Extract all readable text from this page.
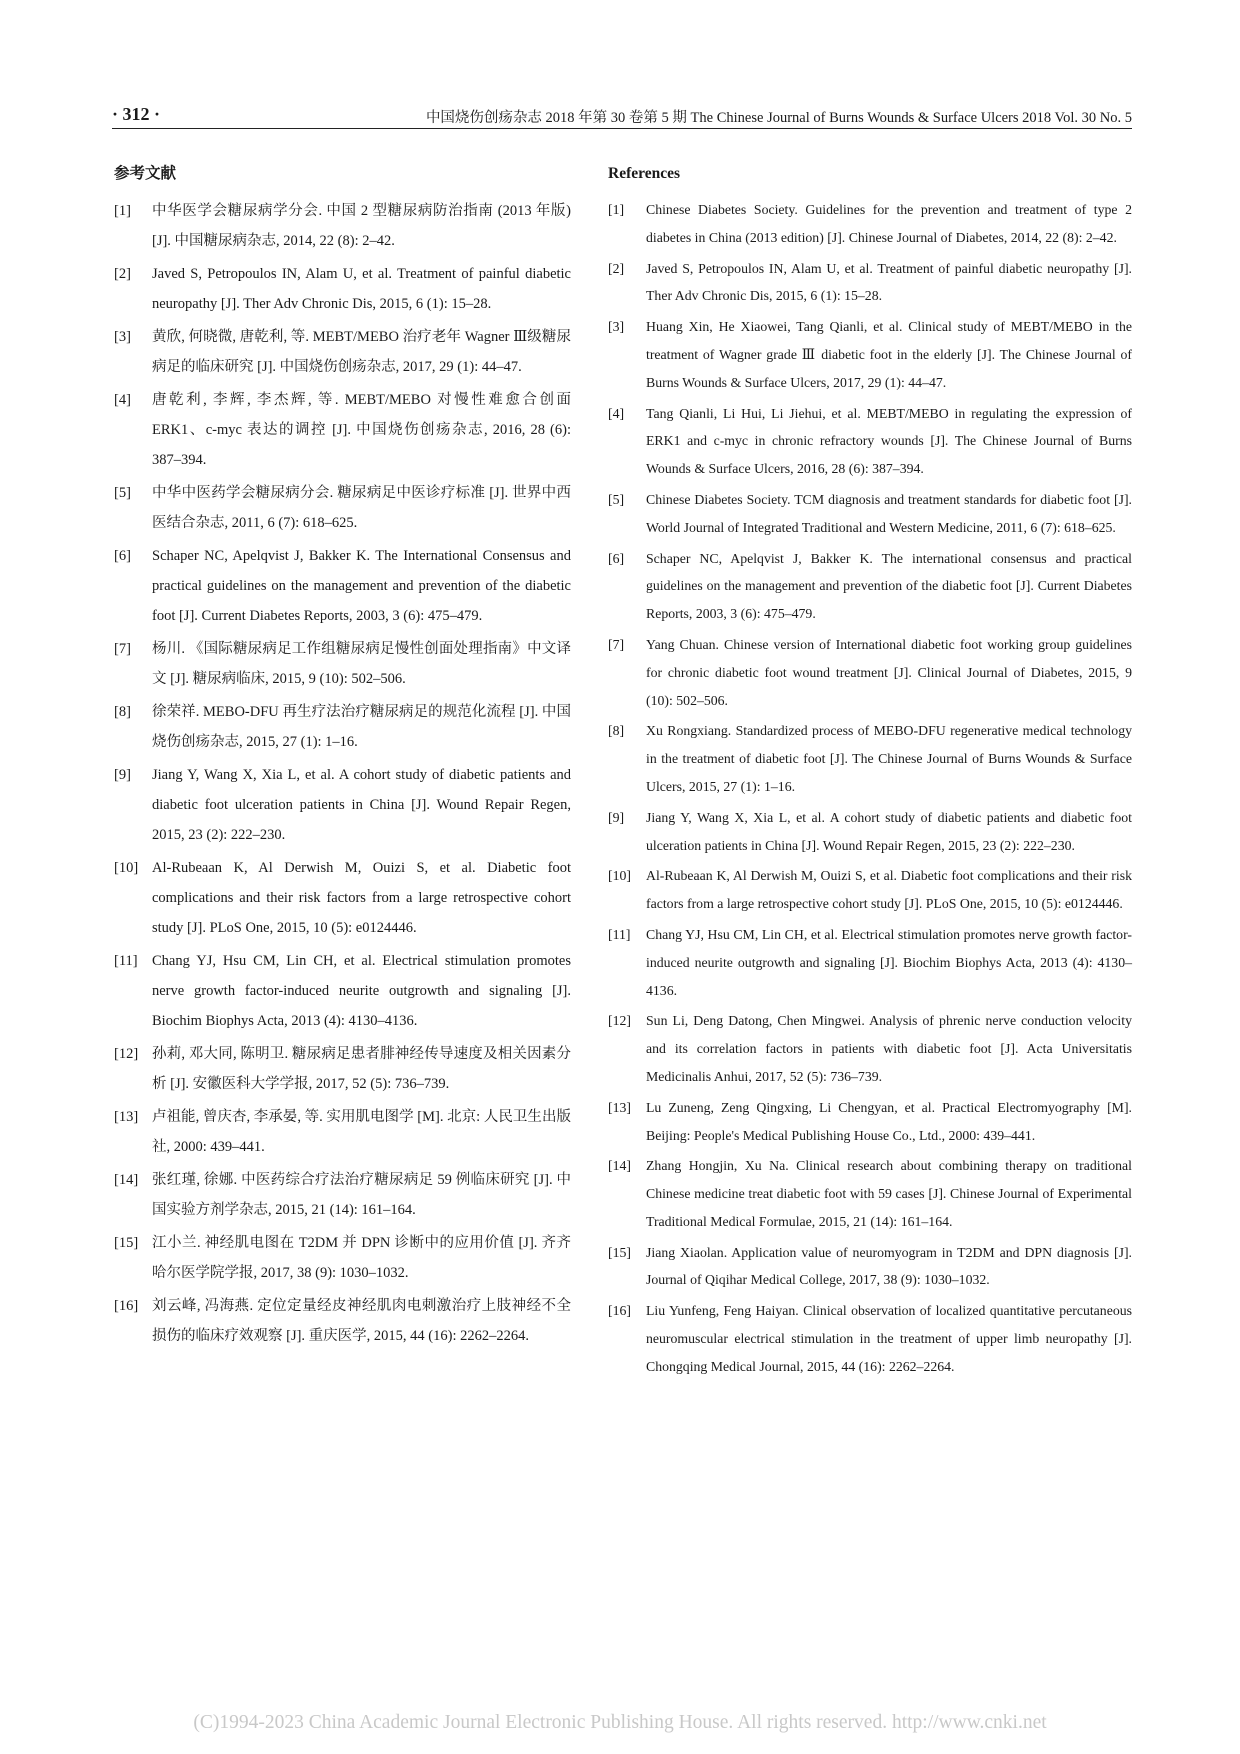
· 312 ·	中国烧伤创疡杂志 2018 年第 30 卷第 5 期 The Chinese Journal of Burns Wounds & Surface Ulcers 2018 Vol. 30 No. 5
参考文献

[1] 中华医学会糖尿病学分会. 中国 2 型糖尿病防治指南 (2013 年版) [J]. 中国糖尿病杂志, 2014, 22 (8): 2–42.

[2] Javed S, Petropoulos IN, Alam U, et al. Treatment of painful diabetic neuropathy [J]. Ther Adv Chronic Dis, 2015, 6 (1): 15–28.

[3] 黄欣, 何晓微, 唐乾利, 等. MEBT/MEBO 治疗老年 Wagner Ⅲ级糖尿病足的临床研究 [J]. 中国烧伤创疡杂志, 2017, 29 (1): 44–47.

[4] 唐乾利, 李辉, 李杰辉, 等. MEBT/MEBO 对慢性难愈合创面 ERK1、c-myc 表达的调控 [J]. 中国烧伤创疡杂志, 2016, 28 (6): 387–394.

[5] 中华中医药学会糖尿病分会. 糖尿病足中医诊疗标准 [J]. 世界中西医结合杂志, 2011, 6 (7): 618–625.

[6] Schaper NC, Apelqvist J, Bakker K. The International Consensus and practical guidelines on the management and prevention of the diabetic foot [J]. Current Diabetes Reports, 2003, 3 (6): 475–479.

[7] 杨川. 《国际糖尿病足工作组糖尿病足慢性创面处理指南》中文译文 [J]. 糖尿病临床, 2015, 9 (10): 502–506.

[8] 徐荣祥. MEBO-DFU 再生疗法治疗糖尿病足的规范化流程 [J]. 中国烧伤创疡杂志, 2015, 27 (1): 1–16.

[9] Jiang Y, Wang X, Xia L, et al. A cohort study of diabetic patients and diabetic foot ulceration patients in China [J]. Wound Repair Regen, 2015, 23 (2): 222–230.

[10] Al-Rubeaan K, Al Derwish M, Ouizi S, et al. Diabetic foot complications and their risk factors from a large retrospective cohort study [J]. PLoS One, 2015, 10 (5): e0124446.

[11] Chang YJ, Hsu CM, Lin CH, et al. Electrical stimulation promotes nerve growth factor-induced neurite outgrowth and signaling [J]. Biochim Biophys Acta, 2013 (4): 4130–4136.

[12] 孙莉, 邓大同, 陈明卫. 糖尿病足患者腓神经传导速度及相关因素分析 [J]. 安徽医科大学学报, 2017, 52 (5): 736–739.

[13] 卢祖能, 曾庆杏, 李承晏, 等. 实用肌电图学 [M]. 北京: 人民卫生出版社, 2000: 439–441.

[14] 张红瑾, 徐娜. 中医药综合疗法治疗糖尿病足 59 例临床研究 [J]. 中国实验方剂学杂志, 2015, 21 (14): 161–164.

[15] 江小兰. 神经肌电图在 T2DM 并 DPN 诊断中的应用价值 [J]. 齐齐哈尔医学院学报, 2017, 38 (9): 1030–1032.

[16] 刘云峰, 冯海燕. 定位定量经皮神经肌肉电刺激治疗上肢神经不全损伤的临床疗效观察 [J]. 重庆医学, 2015, 44 (16): 2262–2264.

References

[1] Chinese Diabetes Society. Guidelines for the prevention and treatment of type 2 diabetes in China (2013 edition) [J]. Chinese Journal of Diabetes, 2014, 22 (8): 2–42.

[2] Javed S, Petropoulos IN, Alam U, et al. Treatment of painful diabetic neuropathy [J]. Ther Adv Chronic Dis, 2015, 6 (1): 15–28.

[3] Huang Xin, He Xiaowei, Tang Qianli, et al. Clinical study of MEBT/MEBO in the treatment of Wagner grade Ⅲ diabetic foot in the elderly [J]. The Chinese Journal of Burns Wounds & Surface Ulcers, 2017, 29 (1): 44–47.

[4] Tang Qianli, Li Hui, Li Jiehui, et al. MEBT/MEBO in regulating the expression of ERK1 and c-myc in chronic refractory wounds [J]. The Chinese Journal of Burns Wounds & Surface Ulcers, 2016, 28 (6): 387–394.

[5] Chinese Diabetes Society. TCM diagnosis and treatment standards for diabetic foot [J]. World Journal of Integrated Traditional and Western Medicine, 2011, 6 (7): 618–625.

[6] Schaper NC, Apelqvist J, Bakker K. The international consensus and practical guidelines on the management and prevention of the diabetic foot [J]. Current Diabetes Reports, 2003, 3 (6): 475–479.

[7] Yang Chuan. Chinese version of International diabetic foot working group guidelines for chronic diabetic foot wound treatment [J]. Clinical Journal of Diabetes, 2015, 9 (10): 502–506.

[8] Xu Rongxiang. Standardized process of MEBO-DFU regenerative medical technology in the treatment of diabetic foot [J]. The Chinese Journal of Burns Wounds & Surface Ulcers, 2015, 27 (1): 1–16.

[9] Jiang Y, Wang X, Xia L, et al. A cohort study of diabetic patients and diabetic foot ulceration patients in China [J]. Wound Repair Regen, 2015, 23 (2): 222–230.

[10] Al-Rubeaan K, Al Derwish M, Ouizi S, et al. Diabetic foot complications and their risk factors from a large retrospective cohort study [J]. PLoS One, 2015, 10 (5): e0124446.

[11] Chang YJ, Hsu CM, Lin CH, et al. Electrical stimulation promotes nerve growth factor-induced neurite outgrowth and signaling [J]. Biochim Biophys Acta, 2013 (4): 4130–4136.

[12] Sun Li, Deng Datong, Chen Mingwei. Analysis of phrenic nerve conduction velocity and its correlation factors in patients with diabetic foot [J]. Acta Universitatis Medicinalis Anhui, 2017, 52 (5): 736–739.

[13] Lu Zuneng, Zeng Qingxing, Li Chengyan, et al. Practical Electromyography [M]. Beijing: People's Medical Publishing House Co., Ltd., 2000: 439–441.

[14] Zhang Hongjin, Xu Na. Clinical research about combining therapy on traditional Chinese medicine treat diabetic foot with 59 cases [J]. Chinese Journal of Experimental Traditional Medical Formulae, 2015, 21 (14): 161–164.

[15] Jiang Xiaolan. Application value of neuromyogram in T2DM and DPN diagnosis [J]. Journal of Qiqihar Medical College, 2017, 38 (9): 1030–1032.

[16] Liu Yunfeng, Feng Haiyan. Clinical observation of localized quantitative percutaneous neuromuscular electrical stimulation in the treatment of upper limb neuropathy [J]. Chongqing Medical Journal, 2015, 44 (16): 2262–2264.

(C)1994-2023 China Academic Journal Electronic Publishing House. All rights reserved. http://www.cnki.net
